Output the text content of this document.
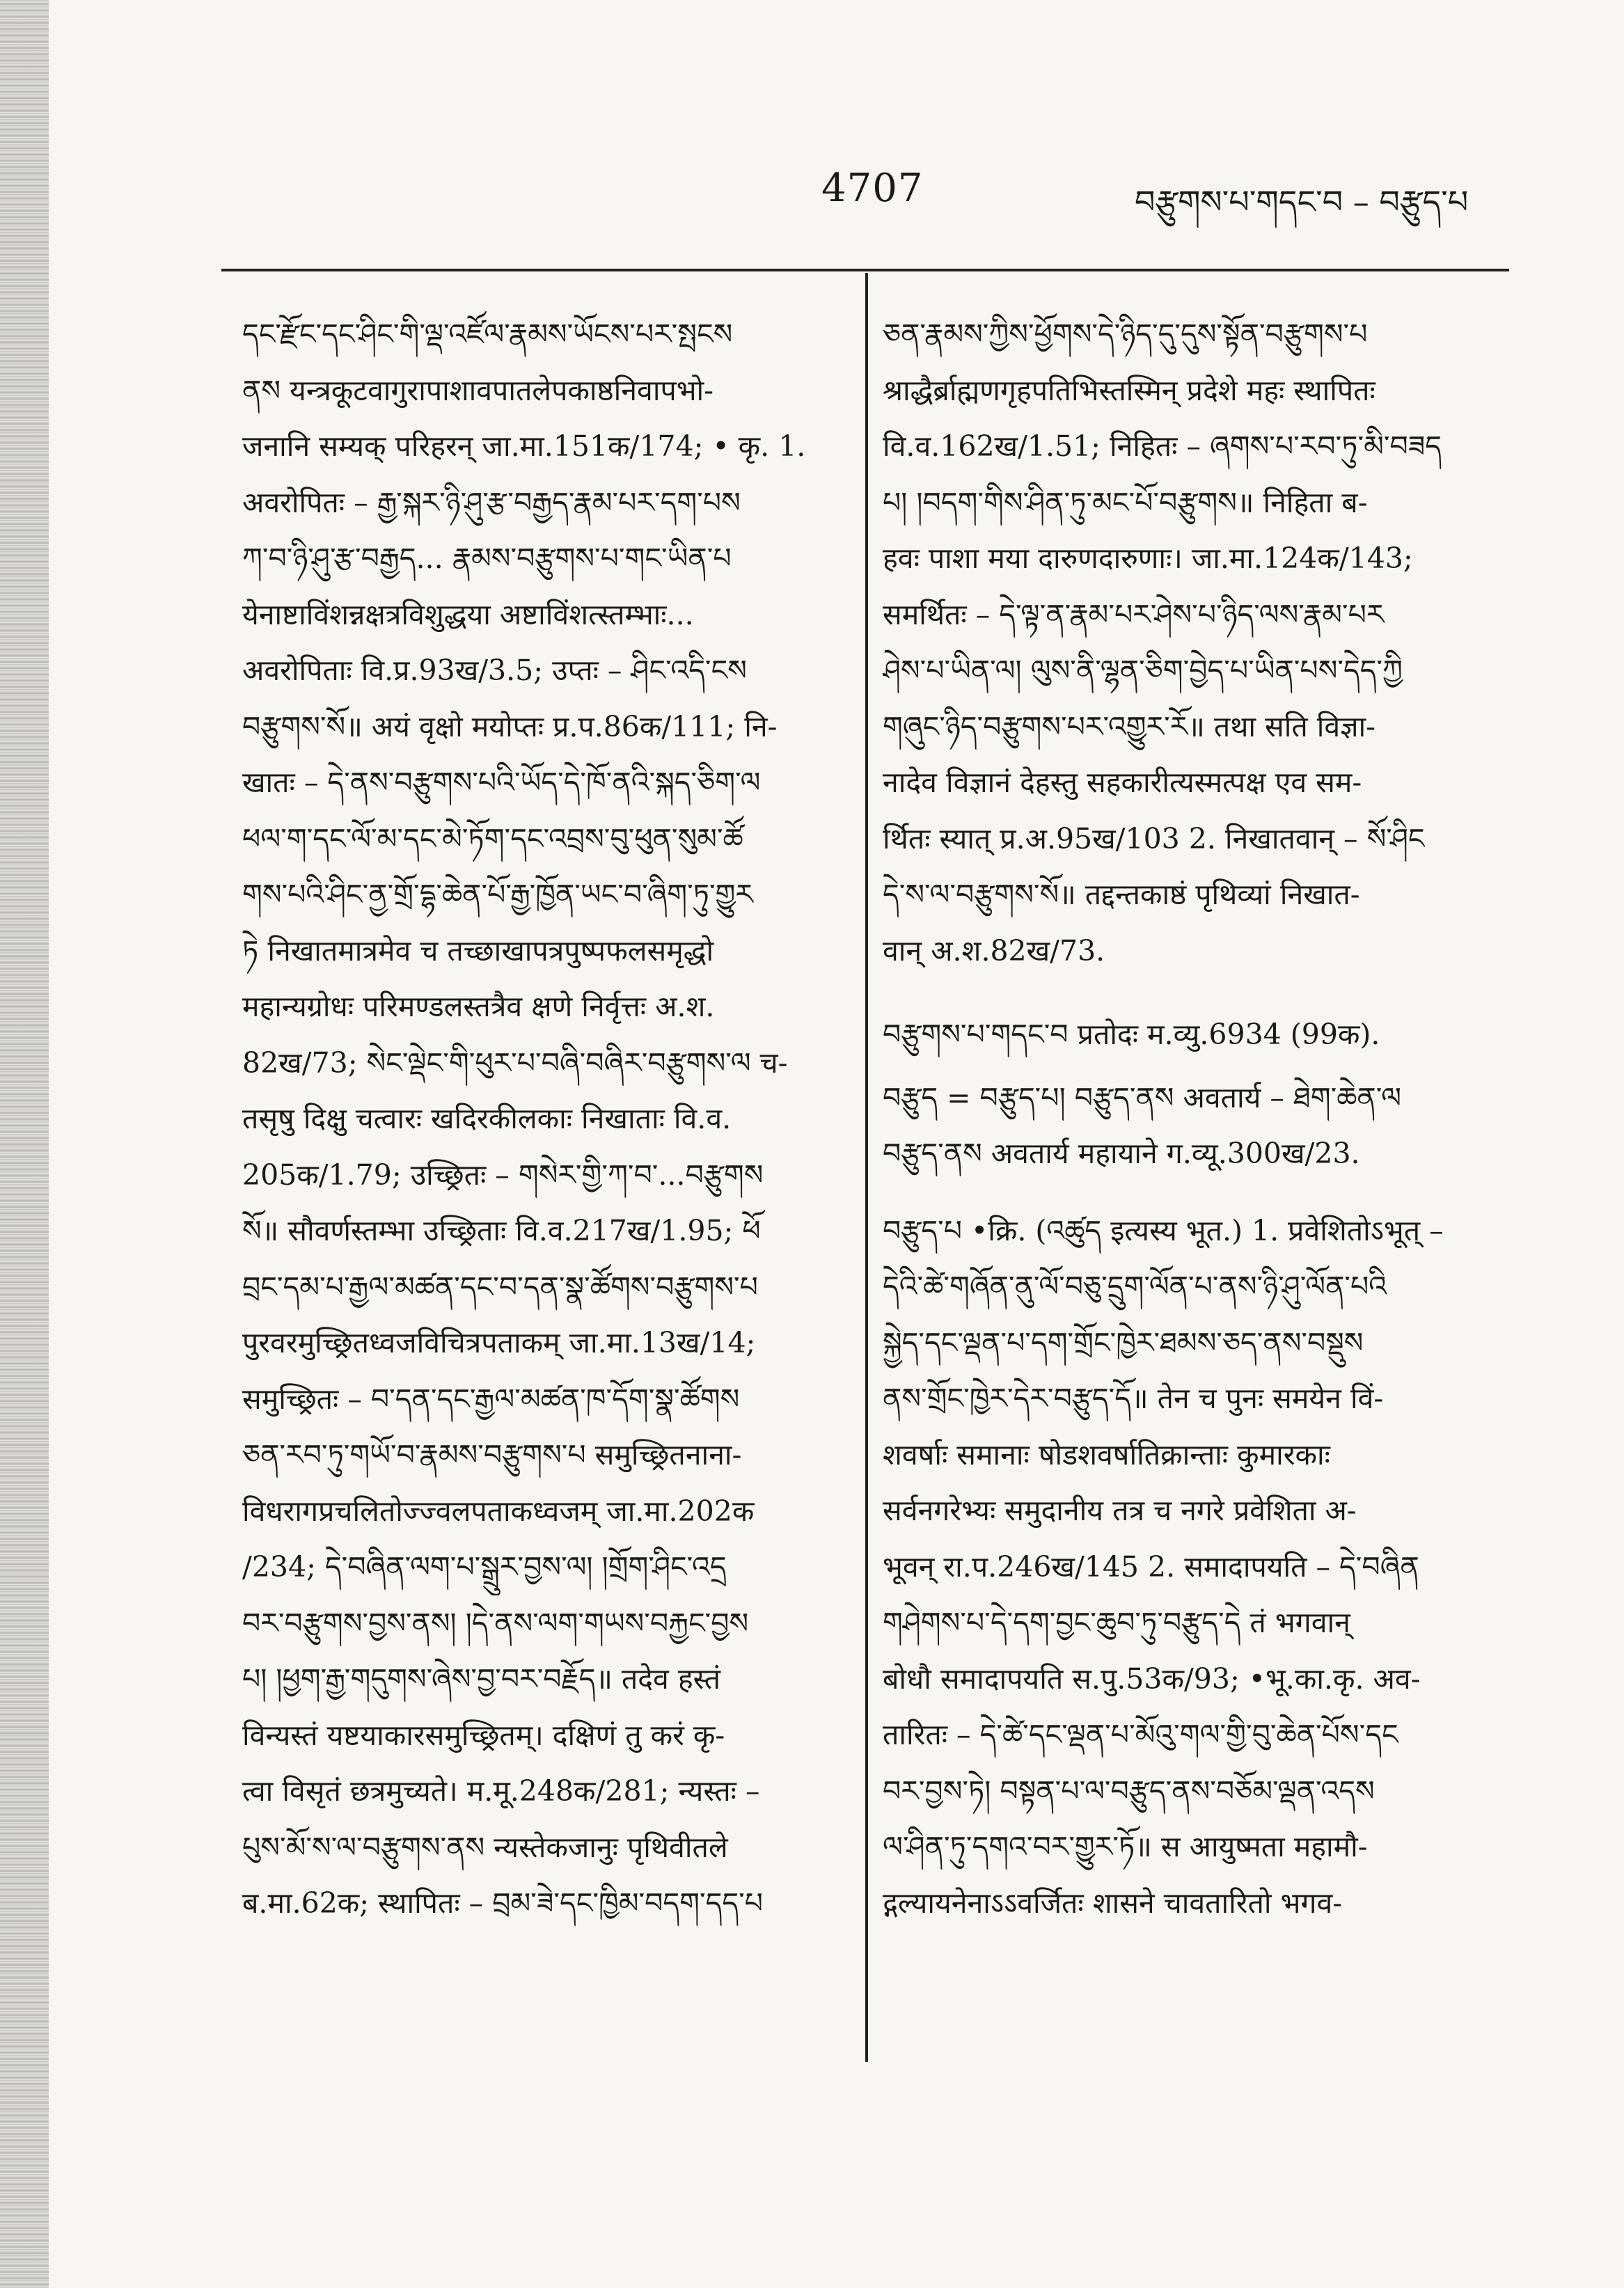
4707	བརྩུགས་པ་གདང་བ – བརྩུད་པ
དང་རྫོང་དང་ཤིང་གི་ལྡ་འཛོལ་རྣམས་ཡོངས་པར་སྤངས
ནས यन्त्रकूटवागुरापाशावपातलेपकाष्ठनिवापभो-
जनानि सम्यक् परिहरन् जा.मा.151क/174; • कृ. 1.
अवरोपितः – རྒྱ་སྐར་ཉི་ཤུ་རྩ་བརྒྱད་རྣམ་པར་དག་པས
ཀ་བ་ཉི་ཤུ་རྩ་བརྒྱད... རྣམས་བརྩུགས་པ་གང་ཡིན་པ
येनाष्टाविंशन्नक्षत्रविशुद्धया अष्टाविंशत्स्तम्भाः...
अवरोपिताः वि.प्र.93ख/3.5; उप्तः – ཤིང་འདི་ངས
བརྩུགས་སོ॥ अयं वृक्षो मयोप्तः प्र.प.86क/111; नि-
खातः – དེ་ནས་བརྩུགས་པའི་ཡོད་དེ་ཁོ་ནའི་སྐད་ཅིག་ལ
ཕལ་ག་དང་ལོ་མ་དང་མེ་ཏོག་དང་འབྲས་བུ་ཕུན་སུམ་ཚོ
གས་པའི་ཤིང་ནྱ་གྲོ་དྷ་ཆེན་པོ་རྒྱ་ཁྱོན་ཡང་བ་ཞིག་ཏུ་གྱུར
ཏེ निखातमात्रमेव च तच्छाखापत्रपुष्पफलसमृद्धो
महान्यग्रोधः परिमण्डलस्तत्रैव क्षणे निर्वृत्तः अ.श.
82ख/73; སེང་ལྡེང་གི་ཕུར་པ་བཞི་བཞིར་བརྩུགས་ལ च-
तसृषु दिक्षु चत्वारः खदिरकीलकाः निखाताः वि.व.
205क/1.79; उच्छ्रितः – གསེར་གྱི་ཀ་བ་...བརྩུགས
སོ॥ सौवर्णस्तम्भा उच्छ्रिताः वि.व.217ख/1.95; ཕོ
བྲང་དམ་པ་རྒྱལ་མཚན་དང་བ་དན་སྣ་ཚོགས་བརྩུགས་པ
पुरवरमुच्छ्रितध्वजविचित्रपताकम् जा.मा.13ख/14;
समुच्छ्रितः – བ་དན་དང་རྒྱལ་མཚན་ཁ་དོག་སྣ་ཚོགས
ཅན་རབ་ཏུ་གཡོ་བ་རྣམས་བརྩུགས་པ समुच्छ्रितनाना-
विधरागप्रचलितोज्ज्वलपताकध्वजम् जा.मा.202क
/234; དེ་བཞིན་ལག་པ་སྒྲུར་བྱས་ལ། །གྲོག་ཤིང་འདྲ
བར་བརྩུགས་བྱས་ནས། །དེ་ནས་ལག་གཡས་བརྐྱང་བྱས
པ། །ཕྱག་རྒྱ་གདུགས་ཞེས་བྱ་བར་བརྗོད॥ तदेव हस्तं
विन्यस्तं यष्टयाकारसमुच्छ्रितम्। दक्षिणं तु करं कृ-
त्वा विसृतं छत्रमुच्यते। म.मू.248क/281; न्यस्तः –
པུས་མོ་ས་ལ་བརྩུགས་ནས न्यस्तेकजानुः पृथिवीतले
ब.मा.62क; स्थापितः – བྲམ་ཟེ་དང་ཁྱིམ་བདག་དད་པ
ཅན་རྣམས་ཀྱིས་ཕྱོགས་དེ་ཉིད་དུ་དུས་སྟོན་བརྩུགས་པ
श्राद्धैर्ब्राह्मणगृहपतिभिस्तस्मिन् प्रदेशे महः स्थापितः
वि.व.162ख/1.51; निहितः – ཞགས་པ་རབ་ཏུ་མི་བཟད
པ། །བདག་གིས་ཤིན་ཏུ་མང་པོ་བརྩུགས॥ निहिता ब-
हवः पाशा मया दारुणदारुणाः। जा.मा.124क/143;
समर्थितः – དེ་ལྟ་ན་རྣམ་པར་ཤེས་པ་ཉིད་ལས་རྣམ་པར
ཤེས་པ་ཡིན་ལ། ལུས་ནི་ལྷན་ཅིག་བྱེད་པ་ཡིན་པས་དེད་ཀྱི
གཞུང་ཉིད་བརྩུགས་པར་འགྱུར་རོ॥ तथा सति विज्ञा-
नादेव विज्ञानं देहस्तु सहकारीत्यस्मत्पक्ष एव सम-
र्थितः स्यात् प्र.अ.95ख/103 2. निखातवान् – སོ་ཤིང
དེ་ས་ལ་བརྩུགས་སོ॥ तद्दन्तकाष्ठं पृथिव्यां निखात-
वान् अ.श.82ख/73.
བརྩུགས་པ་གདང་བ प्रतोदः म.व्यु.6934 (99क).
བརྩུད = བརྩུད་པ། བརྩུད་ནས अवतार्य – ཐེག་ཆེན་ལ
བརྩུད་ནས अवतार्य महायाने ग.व्यू.300ख/23.
བརྩུད་པ •क्रि. (འཚུད इत्यस्य भूत.) 1. प्रवेशितोऽभूत् –
དེའི་ཚེ་གཞོན་ནུ་ལོ་བཅུ་དྲུག་ལོན་པ་ནས་ཉི་ཤུ་ལོན་པའི
སྐྱེད་དང་ལྡན་པ་དག་གྲོང་ཁྱེར་ཐམས་ཅད་ནས་བསྡུས
ནས་གྲོང་ཁྱེར་དེར་བརྩུད་དོ॥ तेन च पुनः समयेन विं-
शवर्षाः समानाः षोडशवर्षातिक्रान्ताः कुमारकाः
सर्वनगरेभ्यः समुदानीय तत्र च नगरे प्रवेशिता अ-
भूवन् रा.प.246ख/145 2. समादापयति – དེ་བཞིན
གཤེགས་པ་དེ་དག་བྱང་ཆུབ་ཏུ་བརྩུད་དེ तं भगवान्
बोधौ समादापयति स.पु.53क/93; •भू.का.कृ. अव-
तारितः – དེ་ཚེ་དང་ལྡན་པ་མོའུ་གལ་གྱི་བུ་ཆེན་པོས་དང
བར་བྱས་ཏེ། བསྟན་པ་ལ་བརྩུད་ནས་བཅོམ་ལྡན་འདས
ལ་ཤིན་ཏུ་དགའ་བར་གྱུར་ཏོ॥ स आयुष्मता महामौ-
द्गल्यायनेनाऽऽवर्जितः शासने चावतारितो भगव-
